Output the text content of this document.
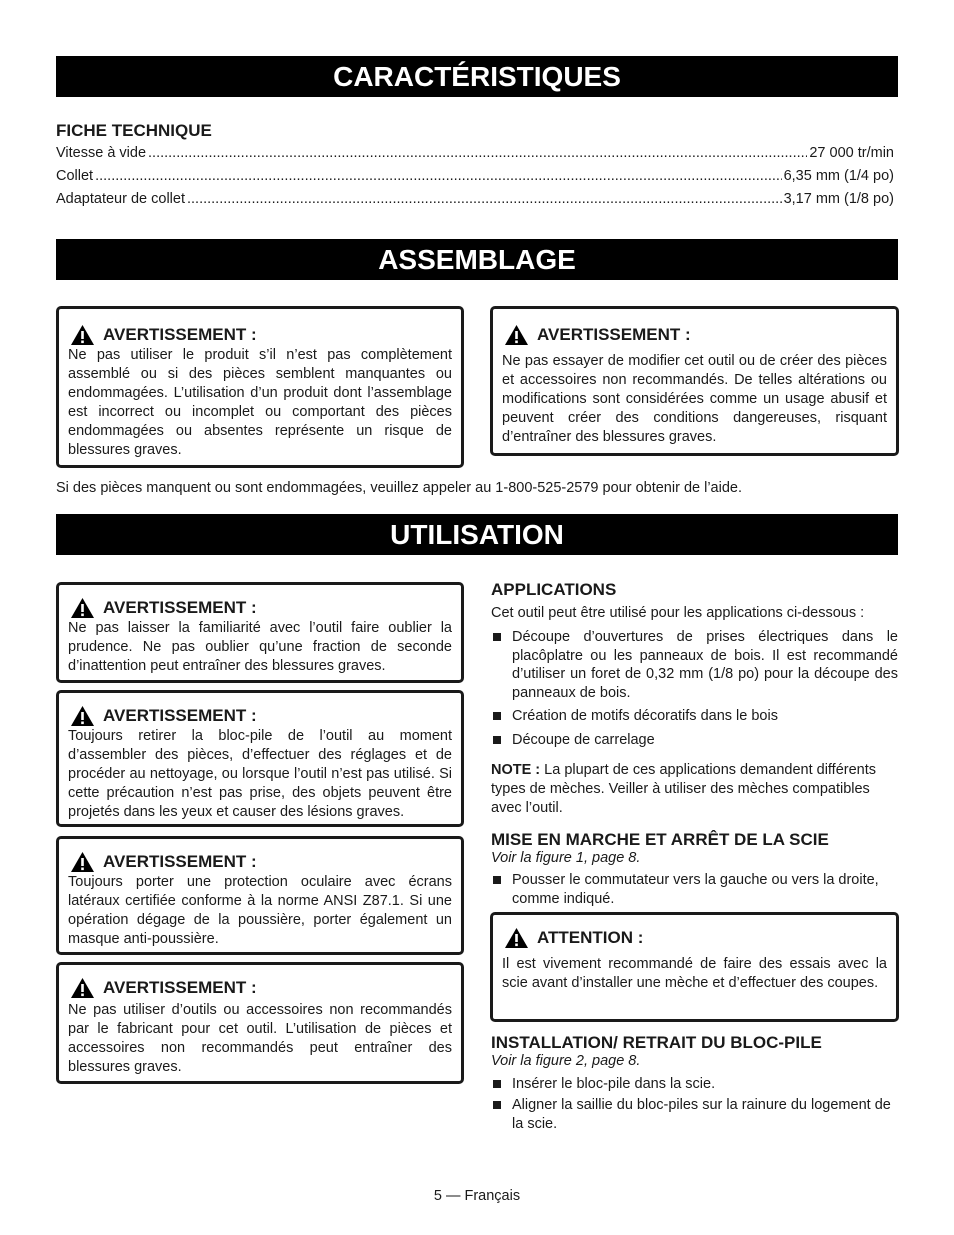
CARACTÉRISTIQUES
FICHE TECHNIQUE
Vitesse à vide .....	27 000 tr/min
Collet .....	6,35 mm (1/4 po)
Adaptateur de collet .....	3,17 mm (1/8 po)
ASSEMBLAGE
AVERTISSEMENT :
Ne pas utiliser le produit s’il n’est pas complètement assemblé ou si des pièces semblent manquantes ou endommagées. L’utilisation d’un produit dont l’assemblage est incorrect ou incomplet ou comportant des pièces endommagées ou absentes représente un risque de blessures graves.
AVERTISSEMENT :
Ne pas essayer de modifier cet outil ou de créer des pièces et accessoires non recommandés. De telles altérations ou modifications sont considérées comme un usage abusif et peuvent créer des conditions dangereuses, risquant d’entraîner des blessures graves.
Si des pièces manquent ou sont endommagées, veuillez appeler au 1-800-525-2579 pour obtenir de l’aide.
UTILISATION
AVERTISSEMENT :
Ne pas laisser la familiarité avec l’outil faire oublier la prudence. Ne pas oublier qu’une fraction de seconde d’inattention peut entraîner des blessures graves.
AVERTISSEMENT :
Toujours retirer la bloc-pile de l’outil au moment d’assembler des pièces, d’effectuer des réglages et de procéder au nettoyage, ou lorsque l’outil n’est pas utilisé. Si cette précaution n’est pas prise, des objets peuvent être projetés dans les yeux et causer des lésions graves.
AVERTISSEMENT :
Toujours porter une protection oculaire avec écrans latéraux certifiée conforme à la norme ANSI Z87.1. Si une opération dégage de la poussière, porter également un masque anti-poussière.
AVERTISSEMENT :
Ne pas utiliser d’outils ou accessoires non recommandés par le fabricant pour cet outil. L’utilisation de pièces et accessoires non recommandés peut entraîner des blessures graves.
APPLICATIONS
Cet outil peut être utilisé pour les applications ci-dessous :
Découpe d’ouvertures de prises électriques dans le placôplatre ou les panneaux de bois. Il est recommandé d’utiliser un foret de 0,32 mm (1/8 po) pour la découpe des panneaux de bois.
Création de motifs décoratifs dans le bois
Découpe de carrelage
NOTE : La plupart de ces applications demandent différents types de mèches. Veiller à utiliser des mèches compatibles avec l’outil.
MISE EN MARCHE ET ARRÊT DE LA SCIE
Voir la figure 1, page 8.
Pousser le commutateur vers la gauche ou vers la droite, comme indiqué.
ATTENTION :
Il est vivement recommandé de faire des essais avec la scie avant d’installer une mèche et d’effectuer des coupes.
INSTALLATION/ RETRAIT DU BLOC-PILE
Voir la figure 2, page 8.
Insérer le bloc-pile dans la scie.
Aligner la saillie du bloc-piles sur la rainure du logement de la scie.
5 — Français
